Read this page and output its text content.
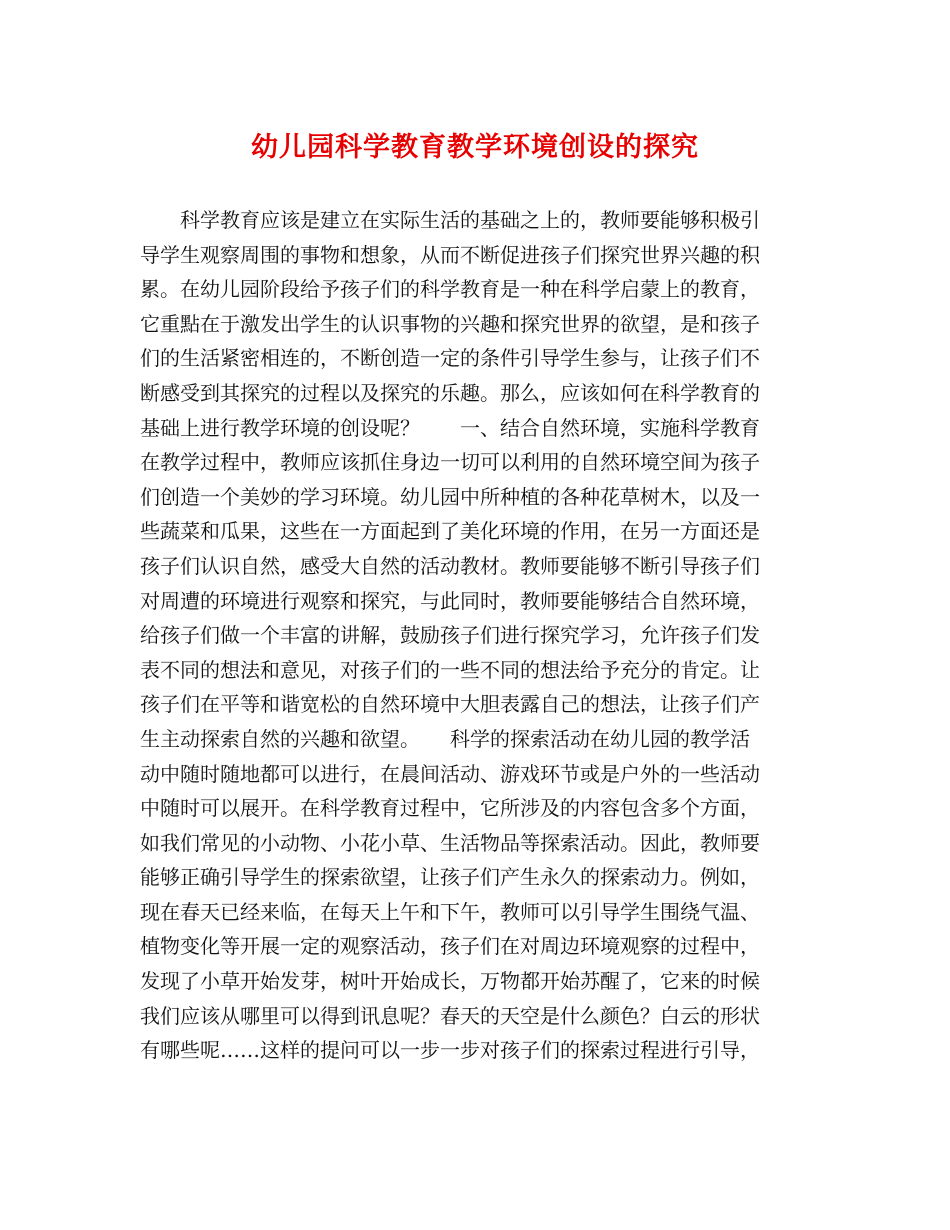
幼儿园科学教育教学环境创设的探究
　　科学教育应该是建立在实际生活的基础之上的，教师要能够积极引
导学生观察周围的事物和想象，从而不断促进孩子们探究世界兴趣的积
累。在幼儿园阶段给予孩子们的科学教育是一种在科学启蒙上的教育，
它重點在于激发出学生的认识事物的兴趣和探究世界的欲望，是和孩子
们的生活紧密相连的，不断创造一定的条件引导学生参与，让孩子们不
断感受到其探究的过程以及探究的乐趣。那么，应该如何在科学教育的
基础上进行教学环境的创设呢？　　一、结合自然环境，实施科学教育
在教学过程中，教师应该抓住身边一切可以利用的自然环境空间为孩子
们创造一个美妙的学习环境。幼儿园中所种植的各种花草树木，以及一
些蔬菜和瓜果，这些在一方面起到了美化环境的作用，在另一方面还是
孩子们认识自然，感受大自然的活动教材。教师要能够不断引导孩子们
对周遭的环境进行观察和探究，与此同时，教师要能够结合自然环境，
给孩子们做一个丰富的讲解，鼓励孩子们进行探究学习，允许孩子们发
表不同的想法和意见，对孩子们的一些不同的想法给予充分的肯定。让
孩子们在平等和谐宽松的自然环境中大胆表露自己的想法，让孩子们产
生主动探索自然的兴趣和欲望。　　科学的探索活动在幼儿园的教学活
动中随时随地都可以进行，在晨间活动、游戏环节或是户外的一些活动
中随时可以展开。在科学教育过程中，它所涉及的内容包含多个方面，
如我们常见的小动物、小花小草、生活物品等探索活动。因此，教师要
能够正确引导学生的探索欲望，让孩子们产生永久的探索动力。例如，
现在春天已经来临，在每天上午和下午，教师可以引导学生围绕气温、
植物变化等开展一定的观察活动，孩子们在对周边环境观察的过程中，
发现了小草开始发芽，树叶开始成长，万物都开始苏醒了，它来的时候
我们应该从哪里可以得到讯息呢？春天的天空是什么颜色？白云的形状
有哪些呢……这样的提问可以一步一步对孩子们的探索过程进行引导，
